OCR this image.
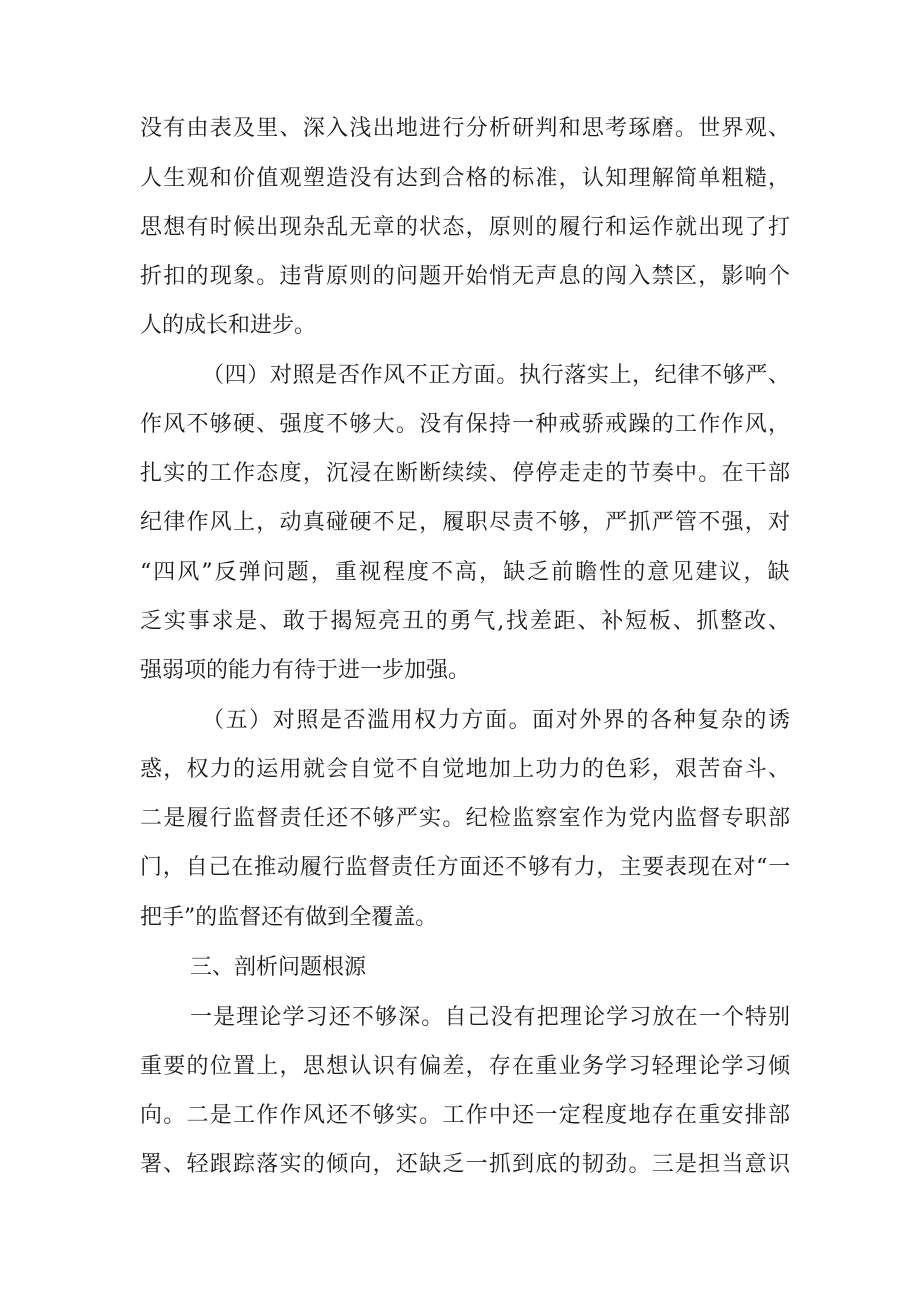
没有由表及里、深入浅出地进行分析研判和思考琢磨。世界观、
人生观和价值观塑造没有达到合格的标准，认知理解简单粗糙，
思想有时候出现杂乱无章的状态，原则的履行和运作就出现了打
折扣的现象。违背原则的问题开始悄无声息的闯入禁区，影响个
人的成长和进步。
（四）对照是否作风不正方面。执行落实上，纪律不够严、
作风不够硬、强度不够大。没有保持一种戒骄戒躁的工作作风，
扎实的工作态度，沉浸在断断续续、停停走走的节奏中。在干部
纪律作风上，动真碰硬不足，履职尽责不够，严抓严管不强，对
“四风”反弹问题，重视程度不高，缺乏前瞻性的意见建议，缺
乏实事求是、敢于揭短亮丑的勇气,找差距、补短板、抓整改、
强弱项的能力有待于进一步加强。
（五）对照是否滥用权力方面。面对外界的各种复杂的诱
惑，权力的运用就会自觉不自觉地加上功力的色彩，艰苦奋斗、
二是履行监督责任还不够严实。纪检监察室作为党内监督专职部
门，自己在推动履行监督责任方面还不够有力，主要表现在对“一
把手”的监督还有做到全覆盖。
三、剖析问题根源
一是理论学习还不够深。自己没有把理论学习放在一个特别
重要的位置上，思想认识有偏差，存在重业务学习轻理论学习倾
向。二是工作作风还不够实。工作中还一定程度地存在重安排部
署、轻跟踪落实的倾向，还缺乏一抓到底的韧劲。三是担当意识
